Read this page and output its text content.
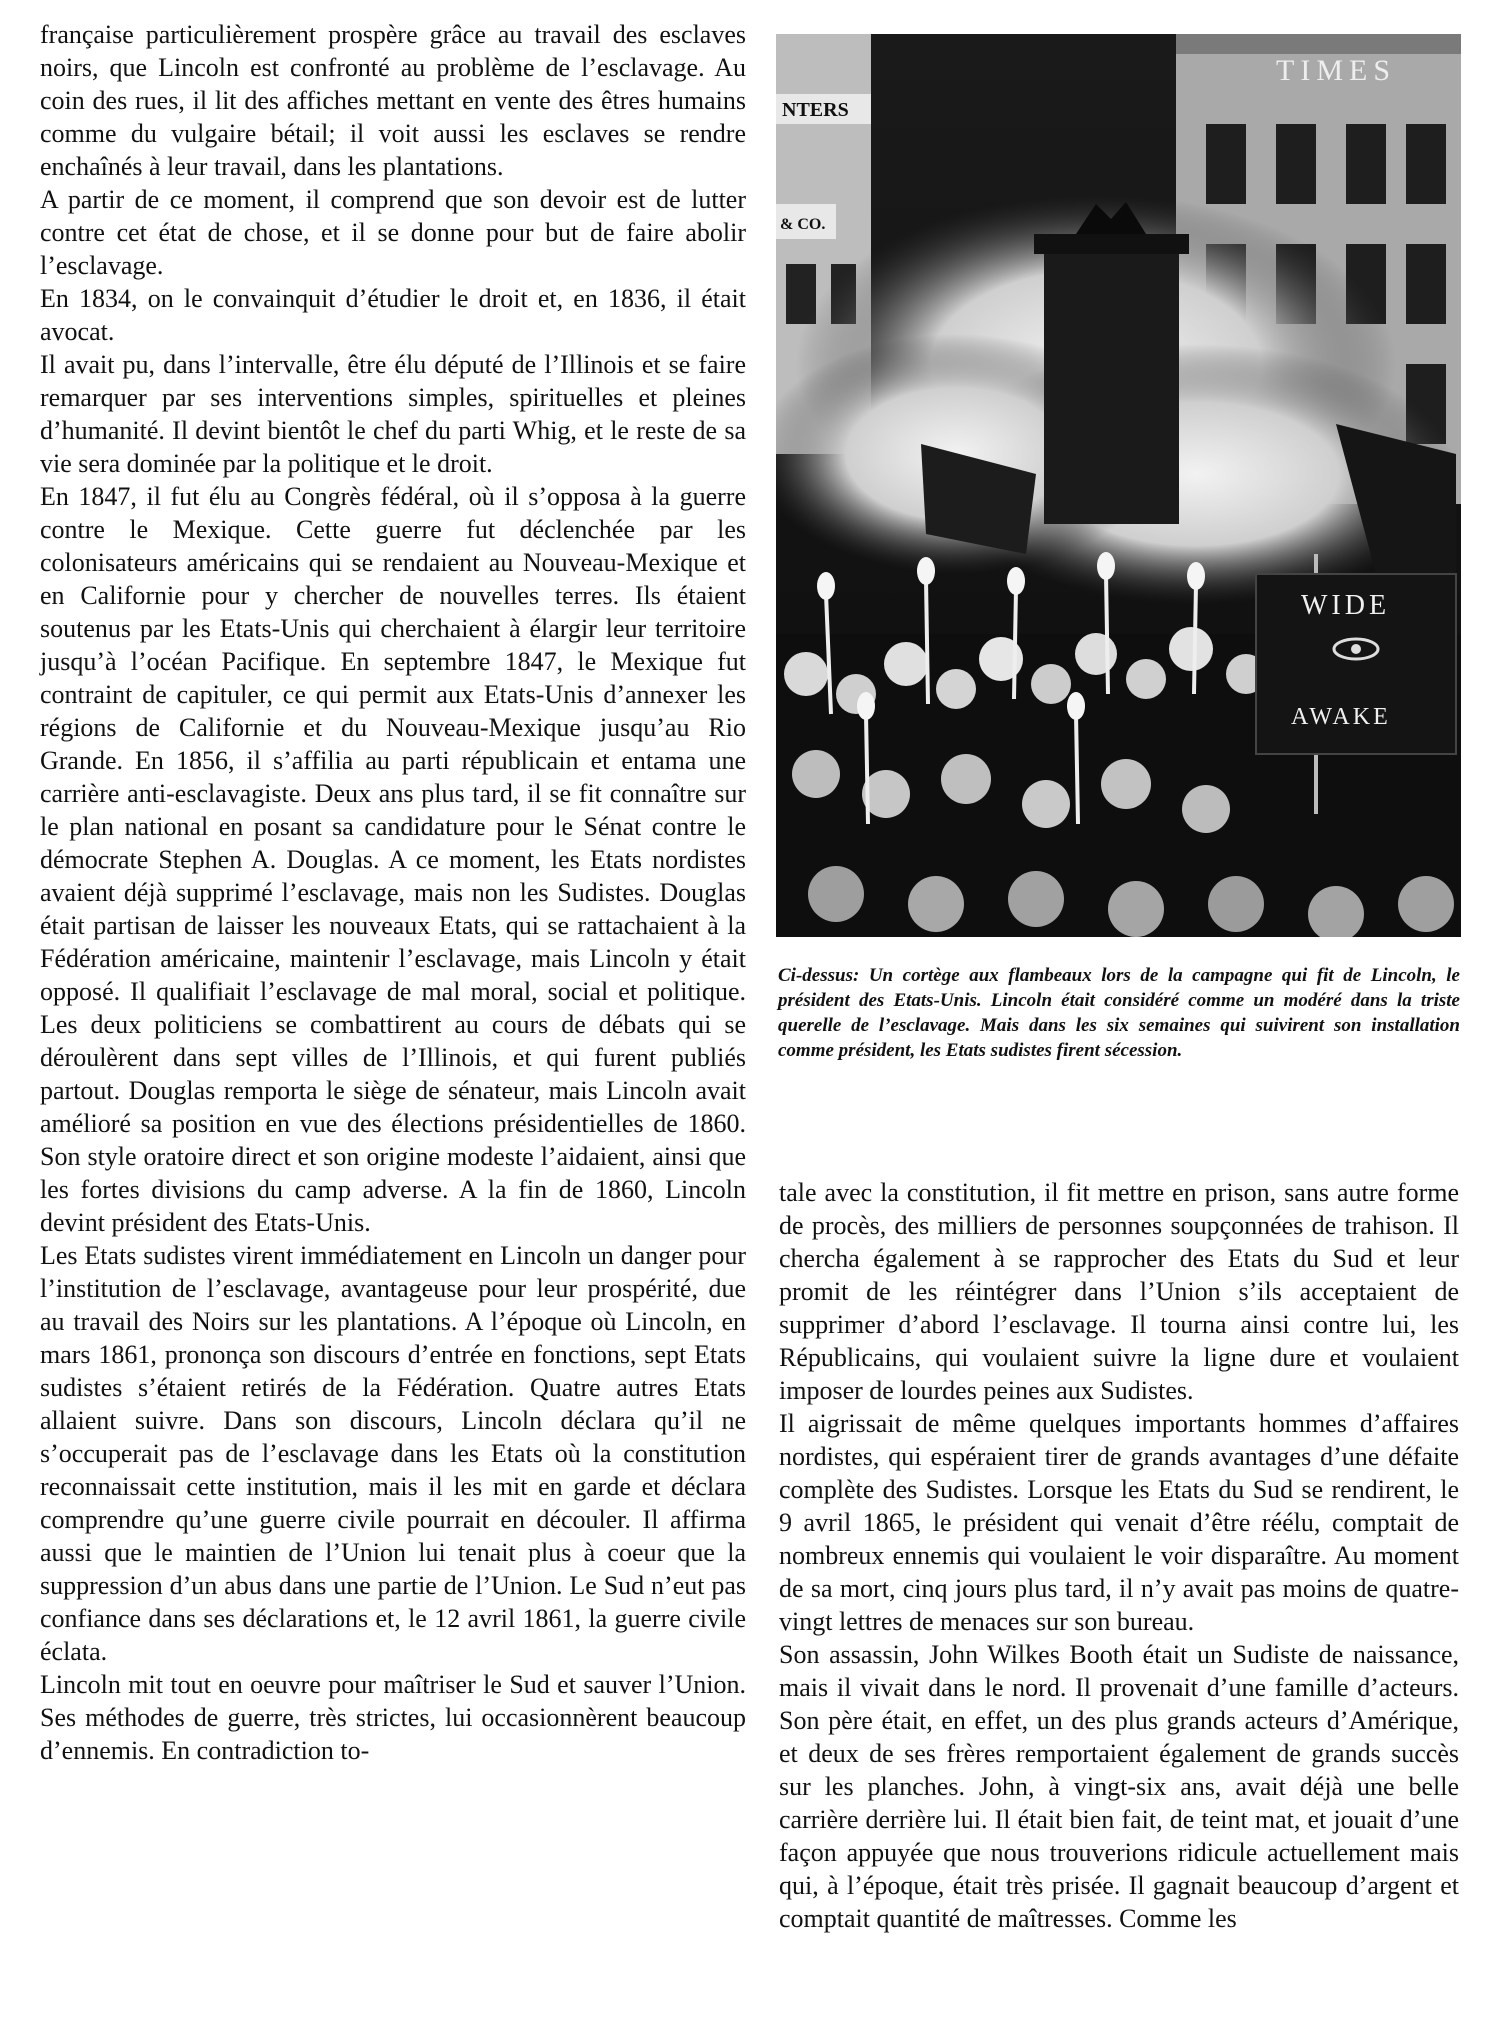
française particulièrement prospère grâce au travail des esclaves noirs, que Lincoln est confronté au problème de l’esclavage. Au coin des rues, il lit des affiches mettant en vente des êtres humains comme du vulgaire bétail; il voit aussi les esclaves se rendre enchaînés à leur travail, dans les plantations.

A partir de ce moment, il comprend que son devoir est de lutter contre cet état de chose, et il se donne pour but de faire abolir l’esclavage.

En 1834, on le convainquit d’étudier le droit et, en 1836, il était avocat.

Il avait pu, dans l’intervalle, être élu député de l’Illinois et se faire remarquer par ses interventions simples, spirituelles et pleines d’humanité. Il devint bientôt le chef du parti Whig, et le reste de sa vie sera dominée par la politique et le droit.

En 1847, il fut élu au Congrès fédéral, où il s’opposa à la guerre contre le Mexique. Cette guerre fut déclenchée par les colonisateurs américains qui se rendaient au Nouveau-Mexique et en Californie pour y chercher de nouvelles terres. Ils étaient soutenus par les Etats-Unis qui cherchaient à élargir leur territoire jusqu’à l’océan Pacifique. En septembre 1847, le Mexique fut contraint de capituler, ce qui permit aux Etats-Unis d’annexer les régions de Californie et du Nouveau-Mexique jusqu’au Rio Grande. En 1856, il s’affilia au parti républicain et entama une carrière anti-esclavagiste. Deux ans plus tard, il se fit connaître sur le plan national en posant sa candidature pour le Sénat contre le démocrate Stephen A. Douglas. A ce moment, les Etats nordistes avaient déjà supprimé l’esclavage, mais non les Sudistes. Douglas était partisan de laisser les nouveaux Etats, qui se rattachaient à la Fédération américaine, maintenir l’esclavage, mais Lincoln y était opposé. Il qualifiait l’esclavage de mal moral, social et politique. Les deux politiciens se combattirent au cours de débats qui se déroulèrent dans sept villes de l’Illinois, et qui furent publiés partout. Douglas remporta le siège de sénateur, mais Lincoln avait amélioré sa position en vue des élections présidentielles de 1860. Son style oratoire direct et son origine modeste l’aidaient, ainsi que les fortes divisions du camp adverse. A la fin de 1860, Lincoln devint président des Etats-Unis.

Les Etats sudistes virent immédiatement en Lincoln un danger pour l’institution de l’esclavage, avantageuse pour leur prospérité, due au travail des Noirs sur les plantations. A l’époque où Lincoln, en mars 1861, prononça son discours d’entrée en fonctions, sept Etats sudistes s’étaient retirés de la Fédération. Quatre autres Etats allaient suivre. Dans son discours, Lincoln déclara qu’il ne s’occuperait pas de l’esclavage dans les Etats où la constitution reconnaissait cette institution, mais il les mit en garde et déclara comprendre qu’une guerre civile pourrait en découler. Il affirma aussi que le maintien de l’Union lui tenait plus à coeur que la suppression d’un abus dans une partie de l’Union. Le Sud n’eut pas confiance dans ses déclarations et, le 12 avril 1861, la guerre civile éclata.

Lincoln mit tout en oeuvre pour maîtriser le Sud et sauver l’Union. Ses méthodes de guerre, très strictes, lui occasionnèrent beaucoup d’ennemis. En contradiction to-

NTERS
& CO.
TIMES
WIDE
AWAKE

Ci-dessus: Un cortège aux flambeaux lors de la campagne qui fit de Lincoln, le président des Etats-Unis. Lincoln était considéré comme un modéré dans la triste querelle de l’esclavage. Mais dans les six semaines qui suivirent son installation comme président, les Etats sudistes firent sécession.

tale avec la constitution, il fit mettre en prison, sans autre forme de procès, des milliers de personnes soupçonnées de trahison. Il chercha également à se rapprocher des Etats du Sud et leur promit de les réintégrer dans l’Union s’ils acceptaient de supprimer d’abord l’esclavage. Il tourna ainsi contre lui, les Républicains, qui voulaient suivre la ligne dure et voulaient imposer de lourdes peines aux Sudistes.

Il aigrissait de même quelques importants hommes d’affaires nordistes, qui espéraient tirer de grands avantages d’une défaite complète des Sudistes. Lorsque les Etats du Sud se rendirent, le 9 avril 1865, le président qui venait d’être réélu, comptait de nombreux ennemis qui voulaient le voir disparaître. Au moment de sa mort, cinq jours plus tard, il n’y avait pas moins de quatre-vingt lettres de menaces sur son bureau.

Son assassin, John Wilkes Booth était un Sudiste de naissance, mais il vivait dans le nord. Il provenait d’une famille d’acteurs. Son père était, en effet, un des plus grands acteurs d’Amérique, et deux de ses frères remportaient également de grands succès sur les planches. John, à vingt-six ans, avait déjà une belle carrière derrière lui. Il était bien fait, de teint mat, et jouait d’une façon appuyée que nous trouverions ridicule actuellement mais qui, à l’époque, était très prisée. Il gagnait beaucoup d’argent et comptait quantité de maîtresses. Comme les
